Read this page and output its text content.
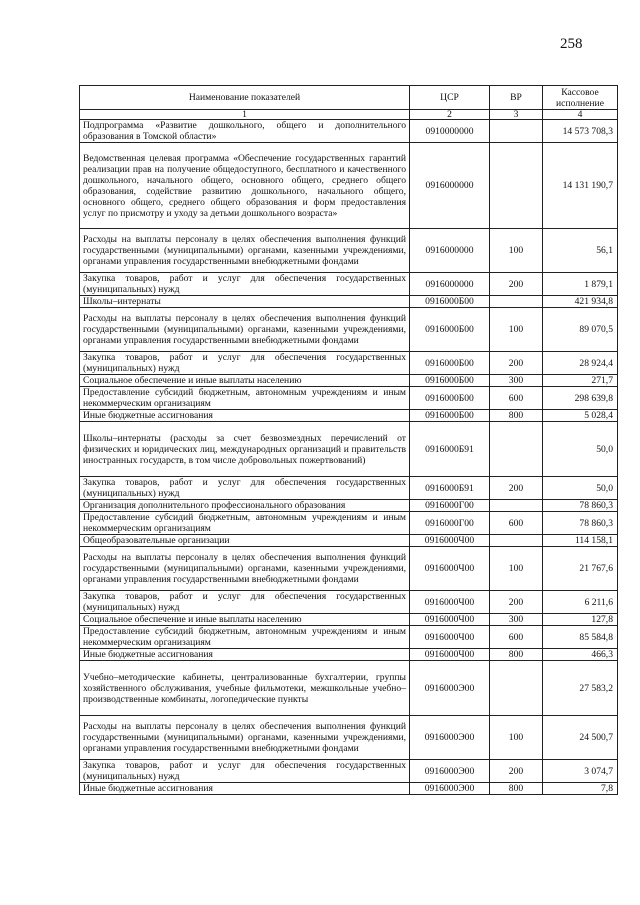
258
Наименование показателей	ЦСР	ВР	Кассовое исполнение
1	2	3	4
Подпрограмма «Развитие дошкольного, общего и дополнительного образования в Томской области»	0910000000		14 573 708,3
Ведомственная целевая программа «Обеспечение государственных гарантий реализации прав на получение общедоступного, бесплатного и качественного дошкольного, начального общего, основного общего, среднего общего образования, содействие развитию дошкольного, начального общего, основного общего, среднего общего образования и форм предоставления услуг по присмотру и уходу за детьми дошкольного возраста»	0916000000		14 131 190,7
Расходы на выплаты персоналу в целях обеспечения выполнения функций государственными (муниципальными) органами, казенными учреждениями, органами управления государственными внебюджетными фондами	0916000000	100	56,1
Закупка товаров, работ и услуг для обеспечения государственных (муниципальных) нужд	0916000000	200	1 879,1
Школы–интернаты	0916000Б00		421 934,8
Расходы на выплаты персоналу в целях обеспечения выполнения функций государственными (муниципальными) органами, казенными учреждениями, органами управления государственными внебюджетными фондами	0916000Б00	100	89 070,5
Закупка товаров, работ и услуг для обеспечения государственных (муниципальных) нужд	0916000Б00	200	28 924,4
Социальное обеспечение и иные выплаты населению	0916000Б00	300	271,7
Предоставление субсидий бюджетным, автономным учреждениям и иным некоммерческим организациям	0916000Б00	600	298 639,8
Иные бюджетные ассигнования	0916000Б00	800	5 028,4
Школы–интернаты (расходы за счет безвозмездных перечислений от физических и юридических лиц, международных организаций и правительств иностранных государств, в том числе добровольных пожертвований)	0916000Б91		50,0
Закупка товаров, работ и услуг для обеспечения государственных (муниципальных) нужд	0916000Б91	200	50,0
Организация дополнительного профессионального образования	0916000Г00		78 860,3
Предоставление субсидий бюджетным, автономным учреждениям и иным некоммерческим организациям	0916000Г00	600	78 860,3
Общеобразовательные организации	0916000Ч00		114 158,1
Расходы на выплаты персоналу в целях обеспечения выполнения функций государственными (муниципальными) органами, казенными учреждениями, органами управления государственными внебюджетными фондами	0916000Ч00	100	21 767,6
Закупка товаров, работ и услуг для обеспечения государственных (муниципальных) нужд	0916000Ч00	200	6 211,6
Социальное обеспечение и иные выплаты населению	0916000Ч00	300	127,8
Предоставление субсидий бюджетным, автономным учреждениям и иным некоммерческим организациям	0916000Ч00	600	85 584,8
Иные бюджетные ассигнования	0916000Ч00	800	466,3
Учебно–методические кабинеты, централизованные бухгалтерии, группы хозяйственного обслуживания, учебные фильмотеки, межшкольные учебно–производственные комбинаты, логопедические пункты	0916000Э00		27 583,2
Расходы на выплаты персоналу в целях обеспечения выполнения функций государственными (муниципальными) органами, казенными учреждениями, органами управления государственными внебюджетными фондами	0916000Э00	100	24 500,7
Закупка товаров, работ и услуг для обеспечения государственных (муниципальных) нужд	0916000Э00	200	3 074,7
Иные бюджетные ассигнования	0916000Э00	800	7,8
